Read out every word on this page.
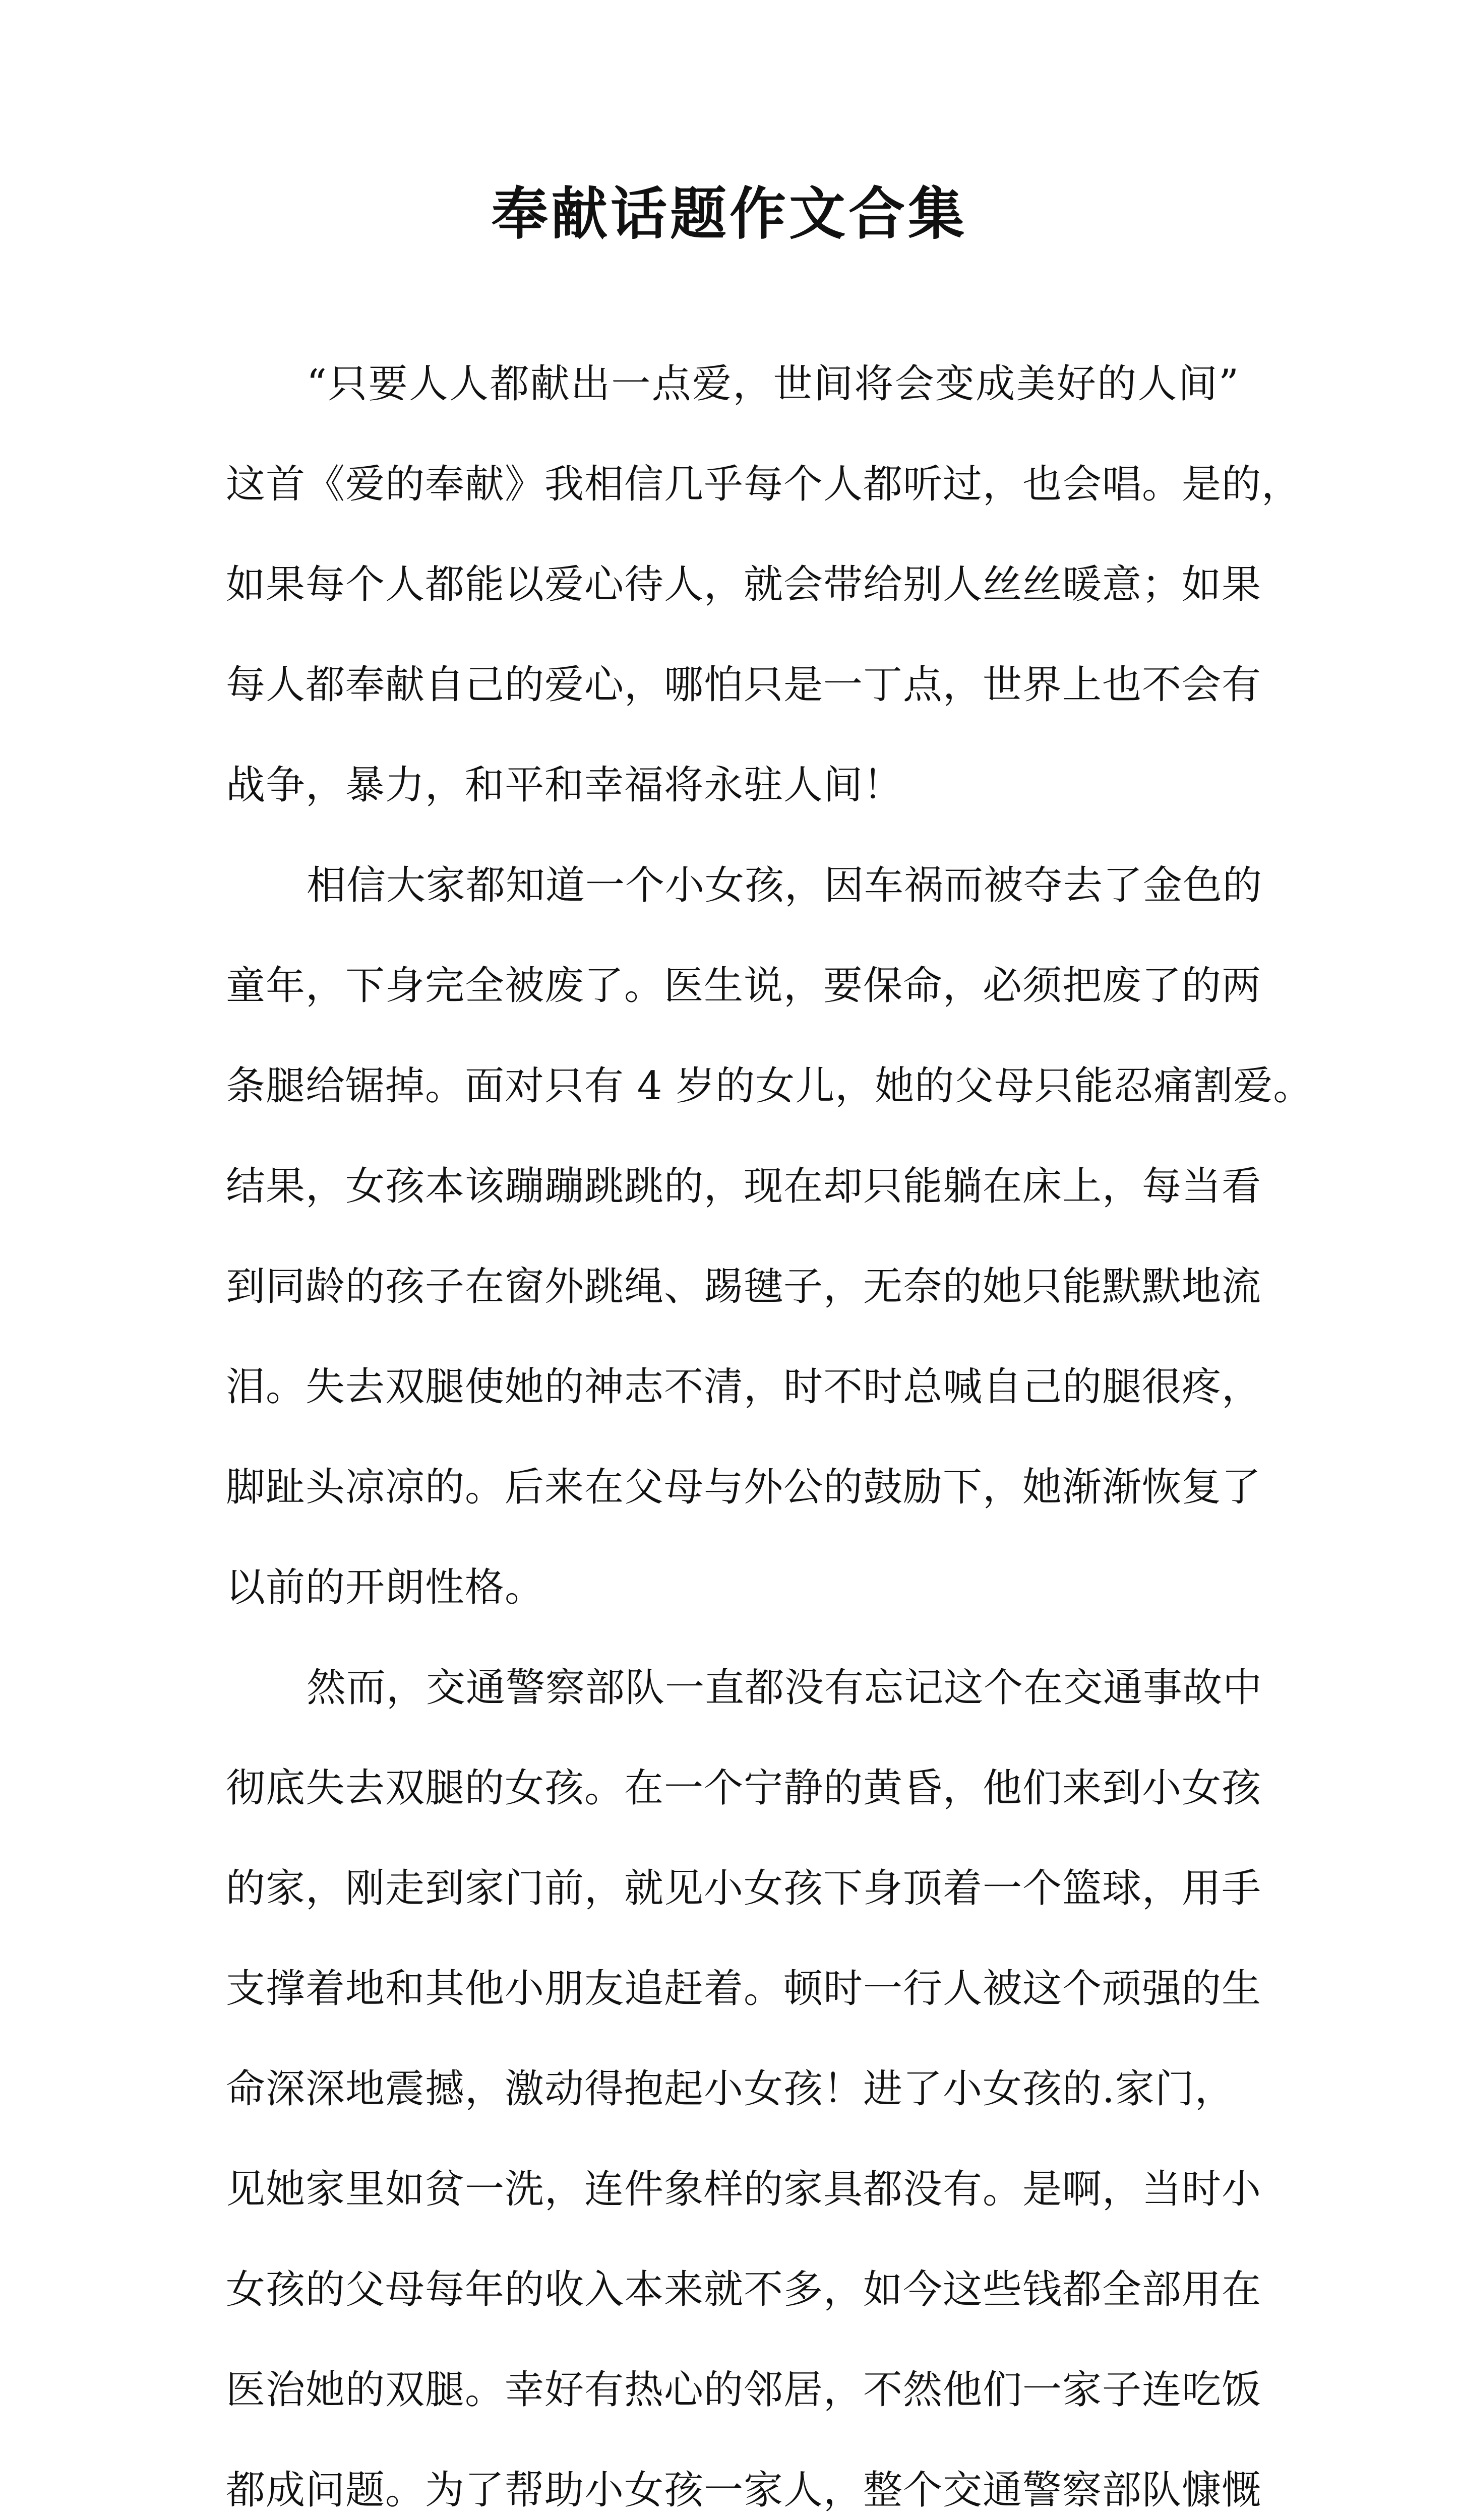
奉献话题作文合集
“只要人人都献出一点爱，世间将会变成美好的人间”
这首《爱的奉献》我相信几乎每个人都听过，也会唱。是的，
如果每个人都能以爱心待人，就会带给别人丝丝暖意；如果
每人都奉献自己的爱心，哪怕只是一丁点，世界上也不会有
战争，暴力，和平和幸福将永驻人间！
相信大家都知道一个小女孩，因车祸而被夺去了金色的
童年，下身完全被废了。医生说，要保命，必须把废了的两
条腿给锯掉。面对只有 4 岁的女儿，她的父母只能忍痛割爱。
结果，女孩本该蹦蹦跳跳的，现在却只能躺在床上，每当看
到同龄的孩子在窗外跳绳、踢毽子，无奈的她只能默默地流
泪。失去双腿使她的神志不清，时不时总喊自己的腿很疼，
脚趾头凉凉的。后来在父母与外公的鼓励下，她渐渐恢复了
以前的开朗性格。
然而，交通警察部队一直都没有忘记这个在交通事故中
彻底失去双腿的女孩。在一个宁静的黄昏，他们来到小女孩
的家，刚走到家门前，就见小女孩下身顶着一个篮球，用手
支撑着地和其他小朋友追赶着。顿时一行人被这个顽强的生
命深深地震撼，激动得抱起小女孩！进了小女孩的.家门，
见她家里如贫一洗，连件象样的家具都没有。是啊，当时小
女孩的父母每年的收入本来就不多，如今这些钱都全部用在
医治她的双腿。幸好有热心的邻居，不然他们一家子连吃饭
都成问题。为了帮助小女孩一家人，整个交通警察部队慷慨
